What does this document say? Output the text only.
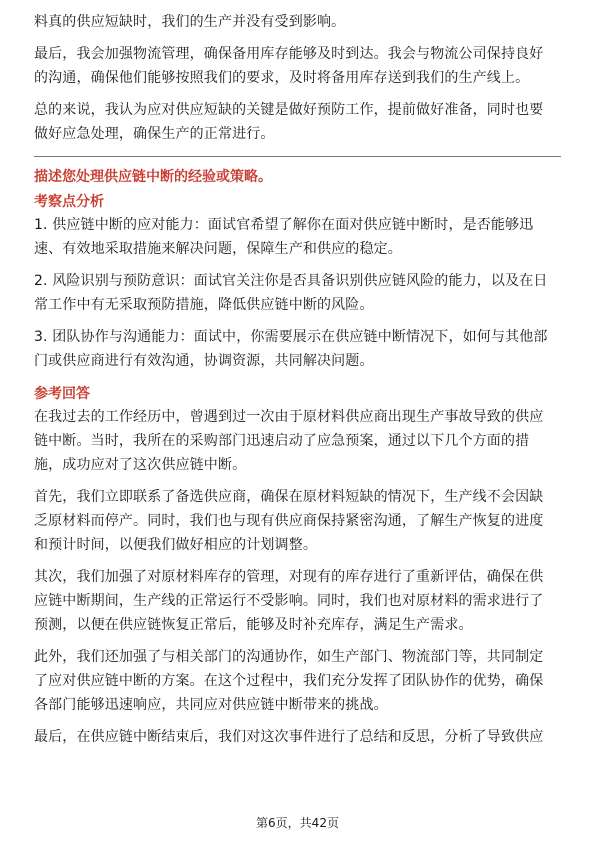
料真的供应短缺时，我们的生产并没有受到影响。
最后，我会加强物流管理，确保备用库存能够及时到达。我会与物流公司保持良好
的沟通，确保他们能够按照我们的要求，及时将备用库存送到我们的生产线上。
总的来说，我认为应对供应短缺的关键是做好预防工作，提前做好准备，同时也要
做好应急处理，确保生产的正常进行。
描述您处理供应链中断的经验或策略。
考察点分析
1. 供应链中断的应对能力：面试官希望了解你在面对供应链中断时，是否能够迅
速、有效地采取措施来解决问题，保障生产和供应的稳定。
2. 风险识别与预防意识：面试官关注你是否具备识别供应链风险的能力，以及在日
常工作中有无采取预防措施，降低供应链中断的风险。
3. 团队协作与沟通能力：面试中，你需要展示在供应链中断情况下，如何与其他部
门或供应商进行有效沟通，协调资源，共同解决问题。
参考回答
在我过去的工作经历中，曾遇到过一次由于原材料供应商出现生产事故导致的供应
链中断。当时，我所在的采购部门迅速启动了应急预案，通过以下几个方面的措
施，成功应对了这次供应链中断。
首先，我们立即联系了备选供应商，确保在原材料短缺的情况下，生产线不会因缺
乏原材料而停产。同时，我们也与现有供应商保持紧密沟通，了解生产恢复的进度
和预计时间，以便我们做好相应的计划调整。
其次，我们加强了对原材料库存的管理，对现有的库存进行了重新评估，确保在供
应链中断期间，生产线的正常运行不受影响。同时，我们也对原材料的需求进行了
预测，以便在供应链恢复正常后，能够及时补充库存，满足生产需求。
此外，我们还加强了与相关部门的沟通协作，如生产部门、物流部门等，共同制定
了应对供应链中断的方案。在这个过程中，我们充分发挥了团队协作的优势，确保
各部门能够迅速响应，共同应对供应链中断带来的挑战。
最后，在供应链中断结束后，我们对这次事件进行了总结和反思，分析了导致供应
第6页，共42页
